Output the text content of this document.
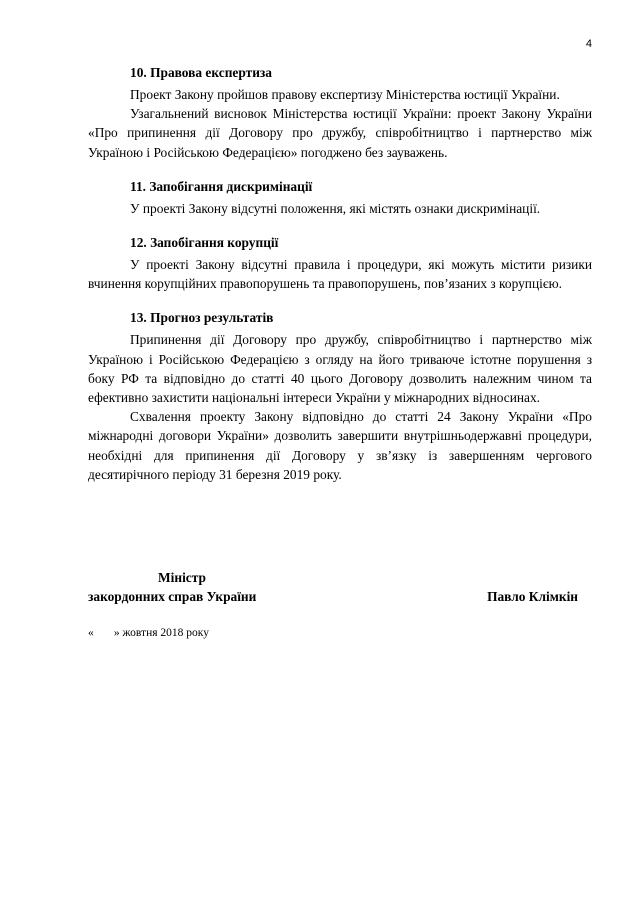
4

10. Правова експертиза

Проект Закону пройшов правову експертизу Міністерства юстиції України.

Узагальнений висновок Міністерства юстиції України: проект Закону України «Про припинення дії Договору про дружбу, співробітництво і партнерство між Україною і Російською Федерацією» погоджено без зауважень.

11. Запобігання дискримінації

У проекті Закону відсутні положення, які містять ознаки дискримінації.

12. Запобігання корупції

У проекті Закону відсутні правила і процедури, які можуть містити ризики вчинення корупційних правопорушень та правопорушень, пов’язаних з корупцією.

13. Прогноз результатів

Припинення дії Договору про дружбу, співробітництво і партнерство між Україною і Російською Федерацією з огляду на його триваюче істотне порушення з боку РФ та відповідно до статті 40 цього Договору дозволить належним чином та ефективно захистити національні інтереси України у міжнародних відносинах.

Схвалення проекту Закону відповідно до статті 24 Закону України «Про міжнародні договори України» дозволить завершити внутрішньодержавні процедури, необхідні для припинення дії Договору у зв’язку із завершенням чергового десятирічного періоду 31 березня 2019 року.

Міністр
закордонних справ України	Павло Клімкін
«       » жовтня 2018 року
